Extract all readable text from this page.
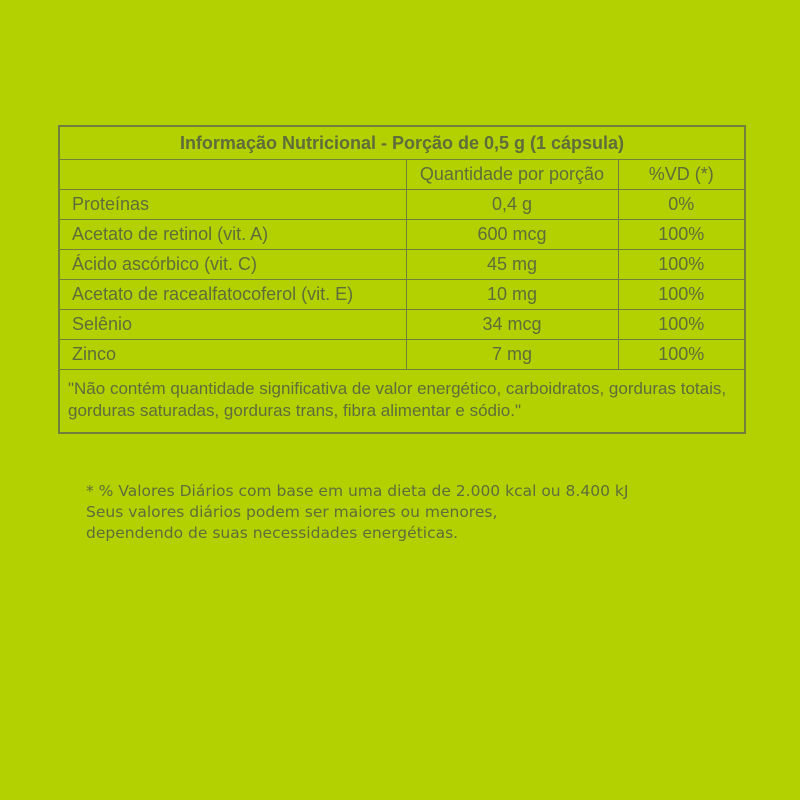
Informação Nutricional - Porção de 0,5 g (1 cápsula)		
	Quantidade por porção	%VD (*)
Proteínas	0,4 g	0%
Acetato de retinol (vit. A)	600 mcg	100%
Ácido ascórbico (vit. C)	45 mg	100%
Acetato de racealfatocoferol (vit. E)	10 mg	100%
Selênio	34 mcg	100%
Zinco	7 mg	100%
"Não contém quantidade significativa de valor energético, carboidratos, gorduras totais, gorduras saturadas, gorduras trans, fibra alimentar e sódio."		
* % Valores Diários com base em uma dieta de 2.000 kcal ou 8.400 kJ
Seus valores diários podem ser maiores ou menores,
dependendo de suas necessidades energéticas.
